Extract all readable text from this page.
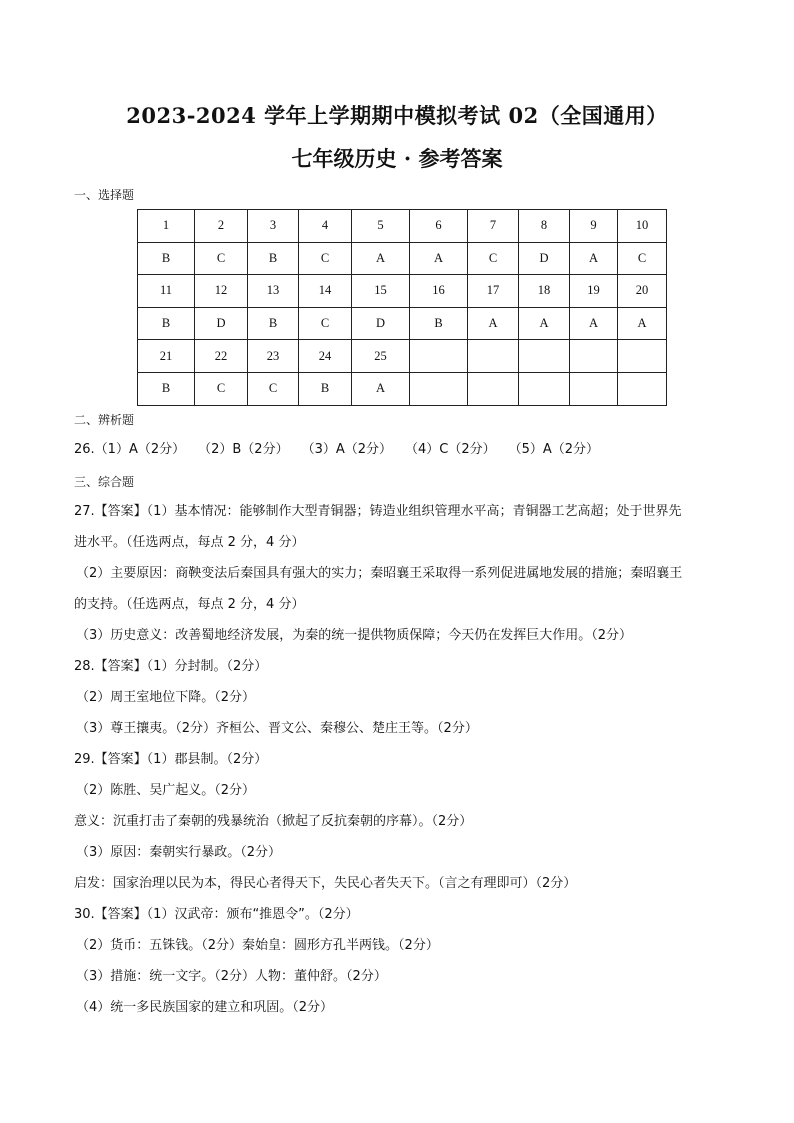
2023-2024 学年上学期期中模拟考试 02（全国通用）
七年级历史 · 参考答案
一、选择题
1	2	3	4	5	6	7	8	9	10
B	C	B	C	A	A	C	D	A	C
11	12	13	14	15	16	17	18	19	20
B	D	B	C	D	B	A	A	A	A
21	22	23	24	25					
B	C	C	B	A					
二、辨析题
26.（1）A（2分）　　（2）B（2分）　　（3）A（2分）　　（4）C（2分）　　（5）A（2分）
三、综合题
27.【答案】（1）基本情况：能够制作大型青铜器；铸造业组织管理水平高；青铜器工艺高超；处于世界先
进水平。（任选两点，每点 2 分，4 分）
（2）主要原因：商鞅变法后秦国具有强大的实力；秦昭襄王采取得一系列促进属地发展的措施；秦昭襄王
的支持。（任选两点，每点 2 分，4 分）
（3）历史意义：改善蜀地经济发展，为秦的统一提供物质保障；今天仍在发挥巨大作用。（2分）
28.【答案】（1）分封制。（2分）
（2）周王室地位下降。（2分）
（3）尊王攘夷。（2分）齐桓公、晋文公、秦穆公、楚庄王等。（2分）
29.【答案】（1）郡县制。（2分）
（2）陈胜、吴广起义。（2分）
意义：沉重打击了秦朝的残暴统治（掀起了反抗秦朝的序幕）。（2分）
（3）原因：秦朝实行暴政。（2分）
启发：国家治理以民为本，得民心者得天下，失民心者失天下。（言之有理即可）（2分）
30.【答案】（1）汉武帝：颁布“推恩令”。（2分）
（2）货币：五铢钱。（2分）秦始皇：圆形方孔半两钱。（2分）
（3）措施：统一文字。（2分）人物：董仲舒。（2分）
（4）统一多民族国家的建立和巩固。（2分）
